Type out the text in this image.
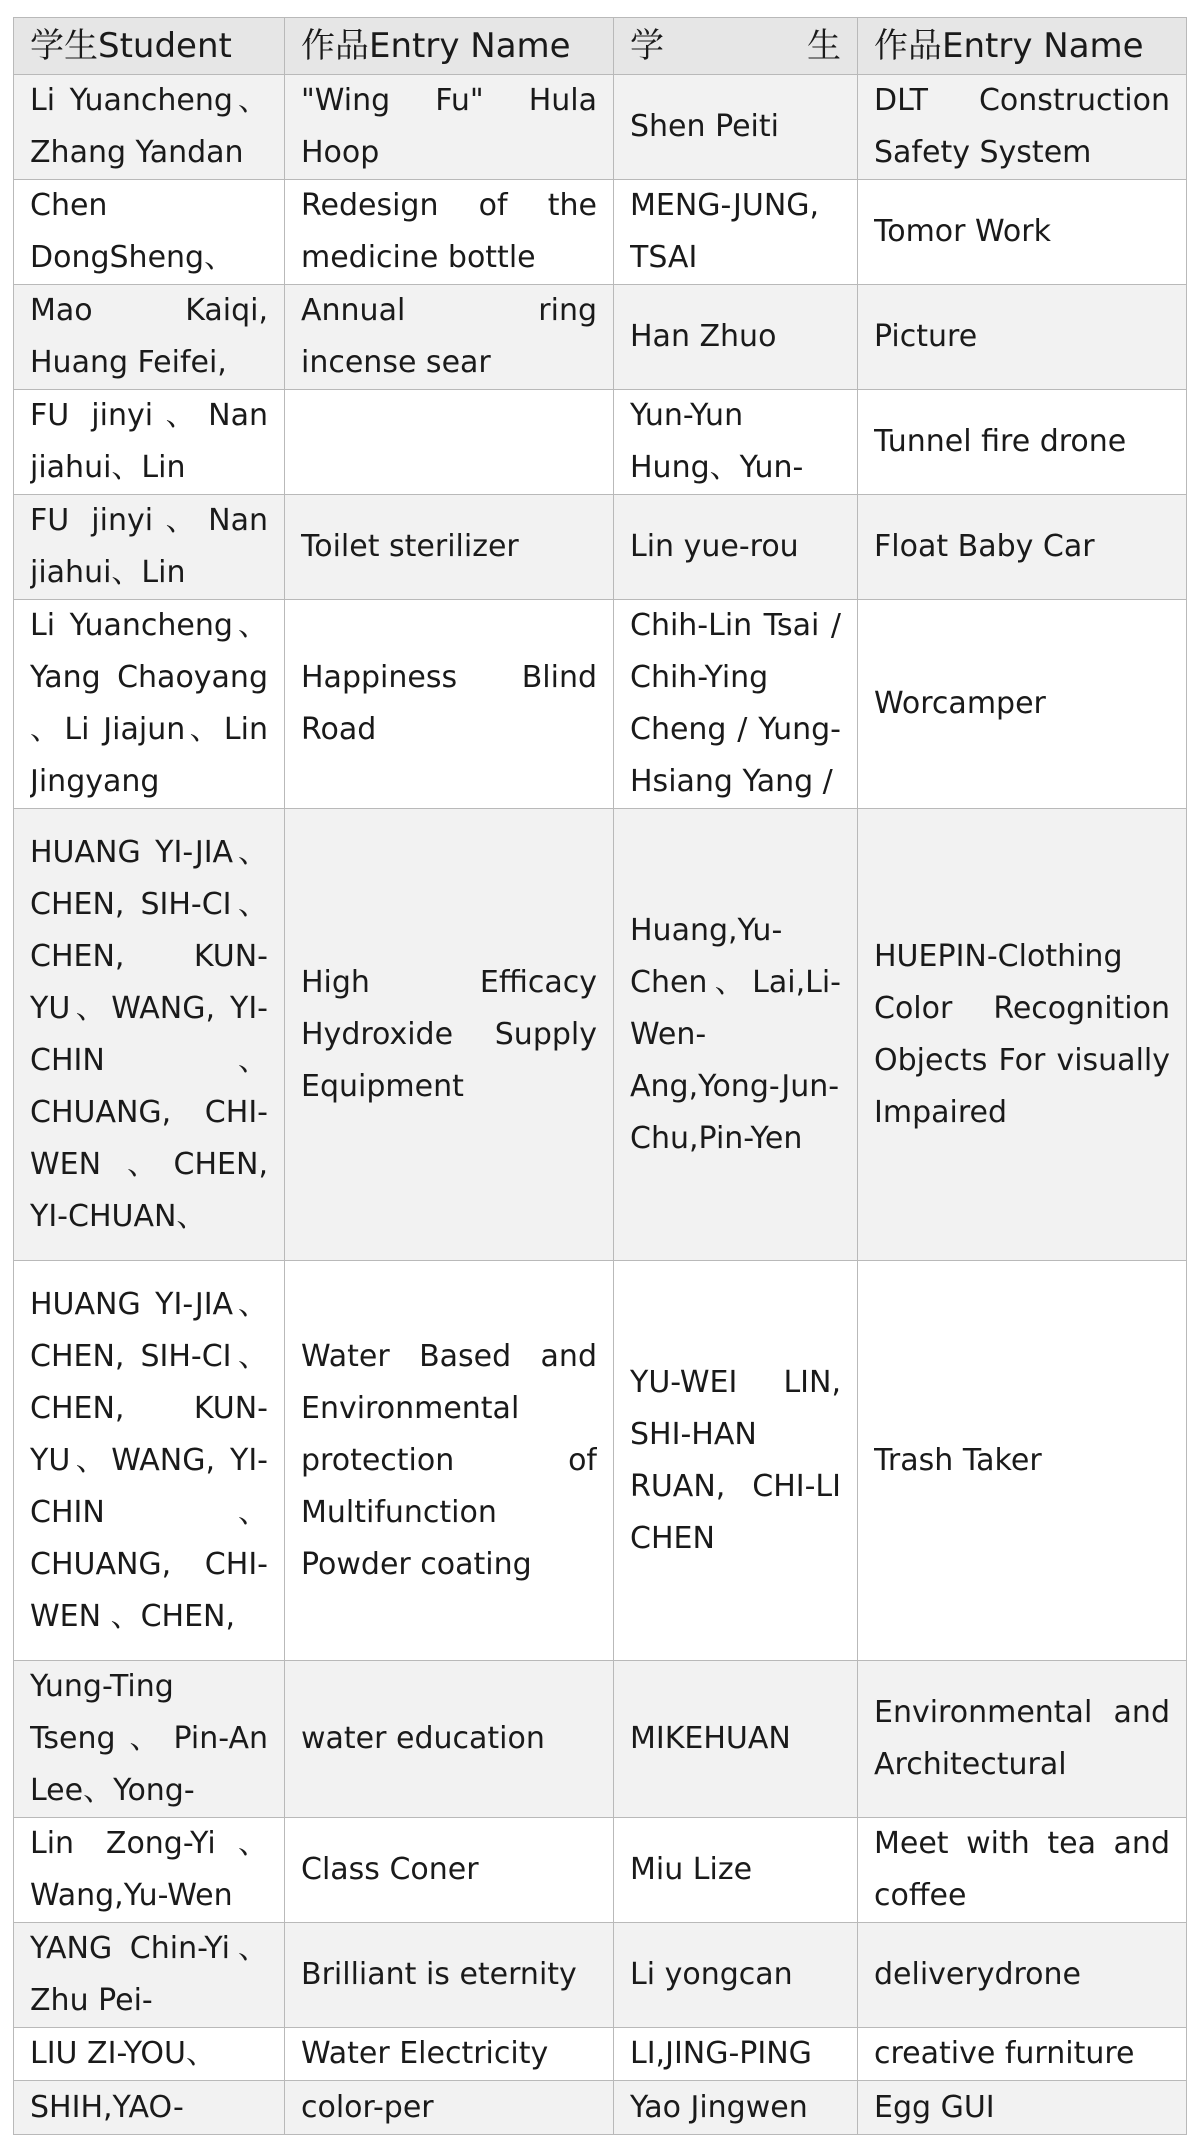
学生Student	作品Entry Name	学　　　生	作品Entry Name

Li Yuancheng、Zhang Yandan	"Wing Fu" Hula Hoop	Shen Peiti	DLT Construction Safety System

Chen DongSheng、	Redesign of the medicine bottle	MENG-JUNG, TSAI	Tomor Work

Mao Kaiqi, Huang Feifei,	Annual ring incense sear	Han Zhuo	Picture

FU jinyi、Nan jiahui、Lin		Yun-Yun Hung、Yun-	Tunnel fire drone

FU jinyi、Nan jiahui、Lin	Toilet sterilizer	Lin yue-rou	Float Baby Car

Li Yuancheng、Yang Chaoyang 、Li Jiajun、Lin Jingyang	Happiness Blind Road	Chih-Lin Tsai / Chih-Ying Cheng / Yung-Hsiang Yang /	Worcamper

HUANG YI-JIA、CHEN, SIH-CI、CHEN, KUN-YU、WANG, YI-CHIN、CHUANG, CHI-WEN 、CHEN, YI-CHUAN、	High Efficacy Hydroxide Supply Equipment	Huang,Yu-Chen、Lai,Li-Wen-Ang,Yong-Jun-Chu,Pin-Yen	HUEPIN-Clothing Color Recognition Objects For visually Impaired

HUANG YI-JIA、CHEN, SIH-CI、CHEN, KUN-YU、WANG, YI-CHIN、CHUANG, CHI-WEN 、CHEN,	Water Based and Environmental protection of Multifunction Powder coating	YU-WEI LIN, SHI-HAN RUAN, CHI-LI CHEN	Trash Taker

Yung-Ting Tseng、Pin-An Lee、Yong-	water education	MIKEHUAN	Environmental and Architectural

Lin Zong-Yi、Wang,Yu-Wen	Class Coner	Miu Lize	Meet with tea and coffee

YANG Chin-Yi、Zhu Pei-	Brilliant is eternity	Li yongcan	deliverydrone

LIU ZI-YOU、	Water Electricity	LI,JING-PING	creative furniture

SHIH,YAO-	color-per	Yao Jingwen	Egg GUI
